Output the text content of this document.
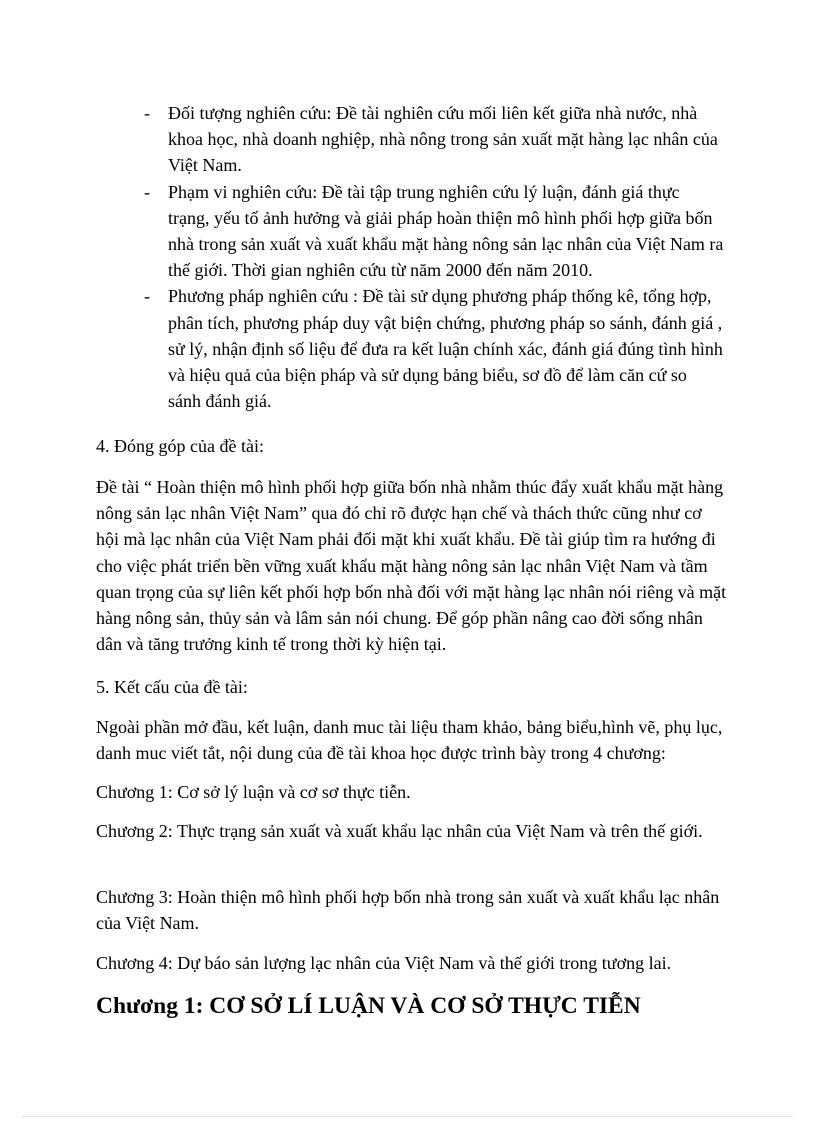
- Đối tượng nghiên cứu: Đề tài nghiên cứu mối liên kết giữa nhà nước, nhà khoa học, nhà doanh nghiệp, nhà nông trong sản xuất mặt hàng lạc nhân của Việt Nam.
- Phạm vi nghiên cứu: Đề tài tập trung nghiên cứu lý luận, đánh giá thực trạng, yếu tố ảnh hưởng và giải pháp hoàn thiện mô hình phối hợp giữa bốn nhà trong sản xuất và xuất khẩu mặt hàng nông sản lạc nhân của Việt Nam ra thế giới. Thời gian nghiên cứu từ năm 2000 đến năm 2010.
- Phương pháp nghiên cứu : Đề tài sử dụng phương pháp thống kê, tổng hợp, phân tích, phương pháp duy vật biện chứng, phương pháp so sánh, đánh giá , sử lý, nhận định số liệu để đưa ra kết luận chính xác, đánh giá đúng tình hình và hiệu quả của biện pháp và sử dụng bảng biểu, sơ đồ để làm căn cứ so sánh đánh giá.

4. Đóng góp của đề tài:

Đề tài “ Hoàn thiện mô hình phối hợp giữa bốn nhà nhằm thúc đẩy xuất khẩu mặt hàng nông sản lạc nhân Việt Nam” qua đó chỉ rõ được hạn chế và thách thức cũng như cơ hội mà lạc nhân của Việt Nam phải đối mặt khi xuất khẩu. Đề tài giúp tìm ra hướng đi cho việc phát triển bền vững xuất khẩu mặt hàng nông sản lạc nhân Việt Nam và tầm quan trọng của sự liên kết phối hợp bốn nhà đối với mặt hàng lạc nhân nói riêng và mặt hàng nông sản, thủy sản và lâm sản nói chung. Để góp phần nâng cao đời sống nhân dân và tăng trưởng kinh tế trong thời kỳ hiện tại.

5. Kết cấu của đề tài:

Ngoài phần mở đầu, kết luận, danh muc tài liệu tham khảo, bảng biểu,hình vẽ, phụ lục, danh muc viết tắt, nội dung của đề tài khoa học được trình bày trong 4 chương:

Chương 1: Cơ sở lý luận và cơ sơ thực tiễn.

Chương 2: Thực trạng sản xuất và xuất khẩu lạc nhân của Việt Nam và trên thế giới.

Chương 3: Hoàn thiện mô hình phối hợp bốn nhà trong sản xuất và xuất khẩu lạc nhân của Việt Nam.

Chương 4: Dự báo sản lượng lạc nhân của Việt Nam và thế giới trong tương lai.

Chương 1: CƠ SỞ LÍ LUẬN VÀ CƠ SỞ THỰC TIỄN
